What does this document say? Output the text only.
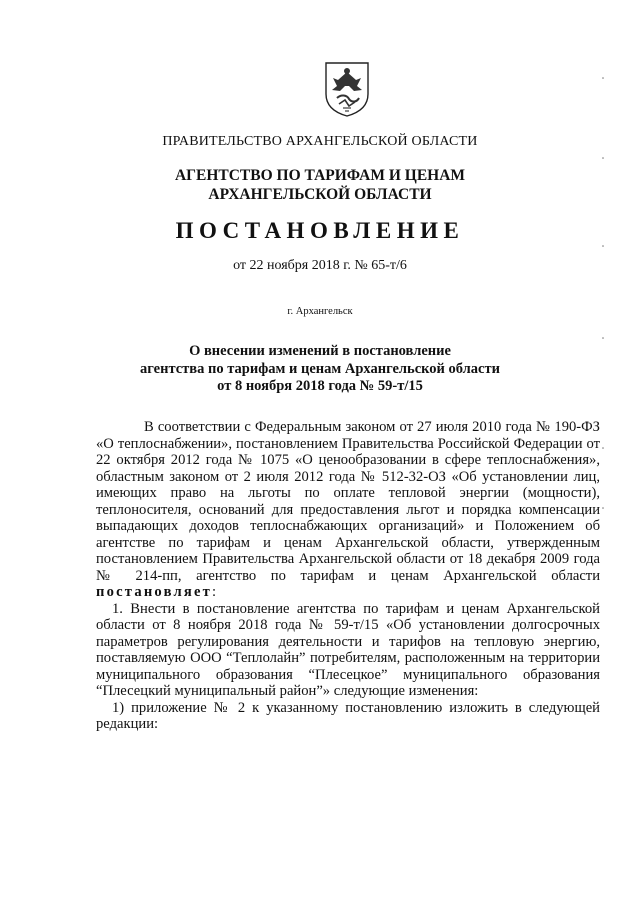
ПРАВИТЕЛЬСТВО АРХАНГЕЛЬСКОЙ ОБЛАСТИ
АГЕНТСТВО ПО ТАРИФАМ И ЦЕНАМ
АРХАНГЕЛЬСКОЙ ОБЛАСТИ
ПОСТАНОВЛЕНИЕ
от 22 ноября 2018 г. № 65-т/6
г. Архангельск
О внесении изменений в постановление
агентства по тарифам и ценам Архангельской области
от 8 ноября 2018 года № 59-т/15

В соответствии с Федеральным законом от 27 июля 2010 года № 190-ФЗ «О теплоснабжении», постановлением Правительства Российской Федерации от 22 октября 2012 года № 1075 «О ценообразовании в сфере теплоснабжения», областным законом от 2 июля 2012 года № 512-32-ОЗ «Об установлении лиц, имеющих право на льготы по оплате тепловой энергии (мощности), теплоносителя, оснований для предоставления льгот и порядка компенсации выпадающих доходов теплоснабжающих организаций» и Положением об агентстве по тарифам и ценам Архангельской области, утвержденным постановлением Правительства Архангельской области от 18 декабря 2009 года № 214-пп, агентство по тарифам и ценам Архангельской области постановляет:

1. Внести в постановление агентства по тарифам и ценам Архангельской области от 8 ноября 2018 года № 59-т/15 «Об установлении долгосрочных параметров регулирования деятельности и тарифов на тепловую энергию, поставляемую ООО “Теплолайн” потребителям, расположенным на территории муниципального образования “Плесецкое” муниципального образования “Плесецкий муниципальный район”» следующие изменения:

1) приложение № 2 к указанному постановлению изложить в следующей редакции:
